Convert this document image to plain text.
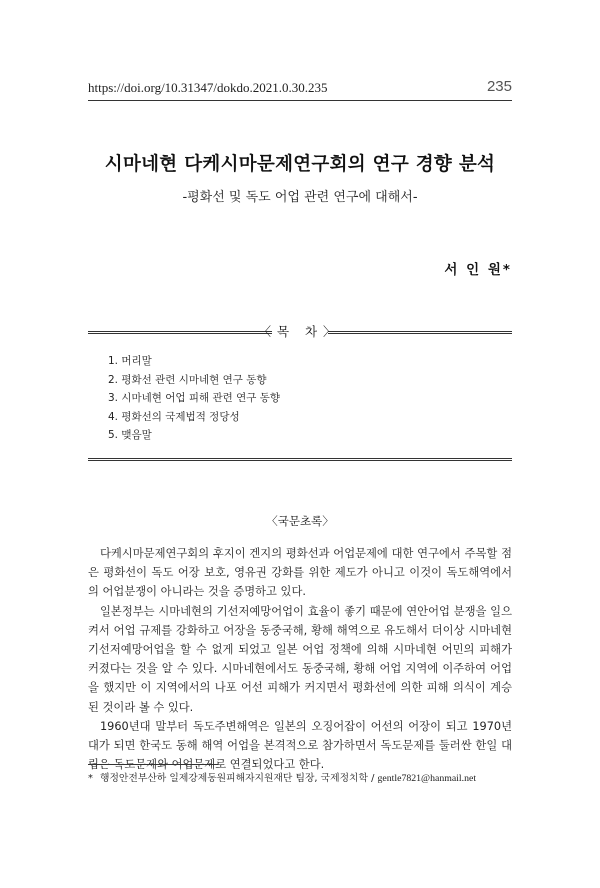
https://doi.org/10.31347/dokdo.2021.0.30.235	235
시마네현 다케시마문제연구회의 연구 경향 분석
-평화선 및 독도 어업 관련 연구에 대해서-
서 인 원*
〈목 차〉
1. 머리말
2. 평화선 관련 시마네현 연구 동향
3. 시마네현 어업 피해 관련 연구 동향
4. 평화선의 국제법적 정당성
5. 맺음말
〈국문초록〉

다케시마문제연구회의 후지이 겐지의 평화선과 어업문제에 대한 연구에서 주목할 점은 평화선이 독도 어장 보호, 영유권 강화를 위한 제도가 아니고 이것이 독도해역에서의 어업분쟁이 아니라는 것을 증명하고 있다.

일본정부는 시마네현의 기선저예망어업이 효율이 좋기 때문에 연안어업 분쟁을 일으켜서 어업 규제를 강화하고 어장을 동중국해, 황해 해역으로 유도해서 더이상 시마네현 기선저예망어업을 할 수 없게 되었고 일본 어업 정책에 의해 시마네현 어민의 피해가 커졌다는 것을 알 수 있다. 시마네현에서도 동중국해, 황해 어업 지역에 이주하여 어업을 했지만 이 지역에서의 나포 어선 피해가 커지면서 평화선에 의한 피해 의식이 계승된 것이라 볼 수 있다.

1960년대 말부터 독도주변해역은 일본의 오징어잡이 어선의 어장이 되고 1970년대가 되면 한국도 동해 해역 어업을 본격적으로 참가하면서 독도문제를 둘러싼 한일 대립은 독도문제와 어업문제로 연결되었다고 한다.

* 행정안전부산하 일제강제동원피해자지원재단 팀장, 국제정치학 / gentle7821@hanmail.net
